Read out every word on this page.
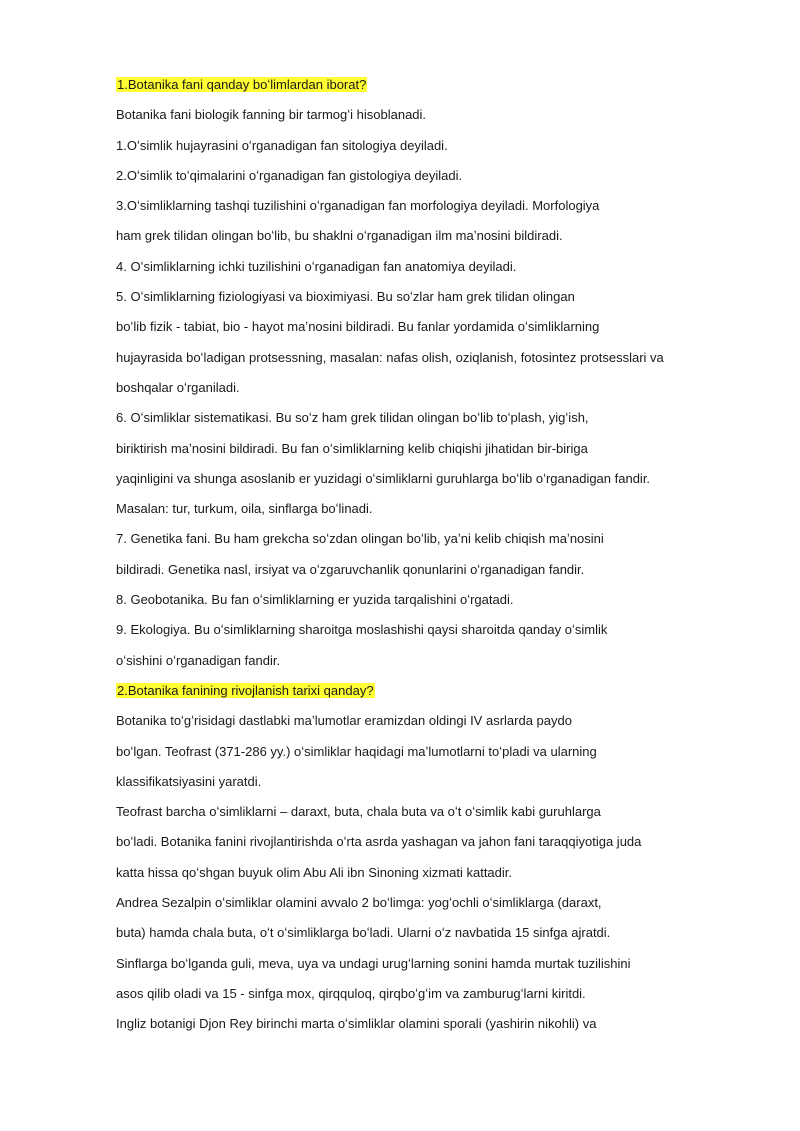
1.Botanika fani qanday boʻlimlardan iborat?
Botanika fani biologik fanning bir tarmogʻi hisoblanadi.
1.Oʻsimlik hujayrasini oʻrganadigan fan sitologiya deyiladi.
2.Oʻsimlik toʻqimalarini oʻrganadigan fan gistologiya deyiladi.
3.Oʻsimliklarning tashqi tuzilishini oʻrganadigan fan morfologiya deyiladi. Morfologiya
ham grek tilidan olingan boʻlib, bu shaklni oʻrganadigan ilm maʼnosini bildiradi.
4. Oʻsimliklarning ichki tuzilishini oʻrganadigan fan anatomiya deyiladi.
5. Oʻsimliklarning fiziologiyasi va bioximiyasi. Bu soʻzlar ham grek tilidan olingan
boʻlib fizik - tabiat, bio - hayot maʼnosini bildiradi. Bu fanlar yordamida oʻsimliklarning
hujayrasida boʻladigan protsessning, masalan: nafas olish, oziqlanish, fotosintez protsesslari va
boshqalar oʻrganiladi.
6. Oʻsimliklar sistematikasi. Bu soʻz ham grek tilidan olingan boʻlib toʻplash, yigʻish,
biriktirish maʼnosini bildiradi. Bu fan oʻsimliklarning kelib chiqishi jihatidan bir-biriga
yaqinligini va shunga asoslanib er yuzidagi oʻsimliklarni guruhlarga boʻlib oʻrganadigan fandir.
Masalan: tur, turkum, oila, sinflarga boʻlinadi.
7. Genetika fani. Bu ham grekcha soʻzdan olingan boʻlib, yaʼni kelib chiqish maʼnosini
bildiradi. Genetika nasl, irsiyat va oʻzgaruvchanlik qonunlarini oʻrganadigan fandir.
8. Geobotanika. Bu fan oʻsimliklarning er yuzida tarqalishini oʻrgatadi.
9. Ekologiya. Bu oʻsimliklarning sharoitga moslashishi qaysi sharoitda qanday oʻsimlik
oʻsishini oʻrganadigan fandir.
2.Botanika fanining rivojlanish tarixi qanday?
Botanika toʻgʻrisidagi dastlabki maʼlumotlar eramizdan oldingi IV asrlarda paydo
boʻlgan. Teofrast (371-286 yy.) oʻsimliklar haqidagi maʼlumotlarni toʻpladi va ularning
klassifikatsiyasini yaratdi.
Teofrast barcha oʻsimliklarni – daraxt, buta, chala buta va oʻt oʻsimlik kabi guruhlarga
boʻladi. Botanika fanini rivojlantirishda oʻrta asrda yashagan va jahon fani taraqqiyotiga juda
katta hissa qoʻshgan buyuk olim Abu Ali ibn Sinoning xizmati kattadir.
Andrea Sezalpin oʻsimliklar olamini avvalo 2 boʻlimga: yogʻochli oʻsimliklarga (daraxt,
buta) hamda chala buta, oʻt oʻsimliklarga boʻladi. Ularni oʻz navbatida 15 sinfga ajratdi.
Sinflarga boʻlganda guli, meva, uya va undagi urugʻlarning sonini hamda murtak tuzilishini
asos qilib oladi va 15 - sinfga mox, qirqquloq, qirqboʻgʻim va zamburugʻlarni kiritdi.
Ingliz botanigi Djon Rey birinchi marta oʻsimliklar olamini sporali (yashirin nikohli) va
